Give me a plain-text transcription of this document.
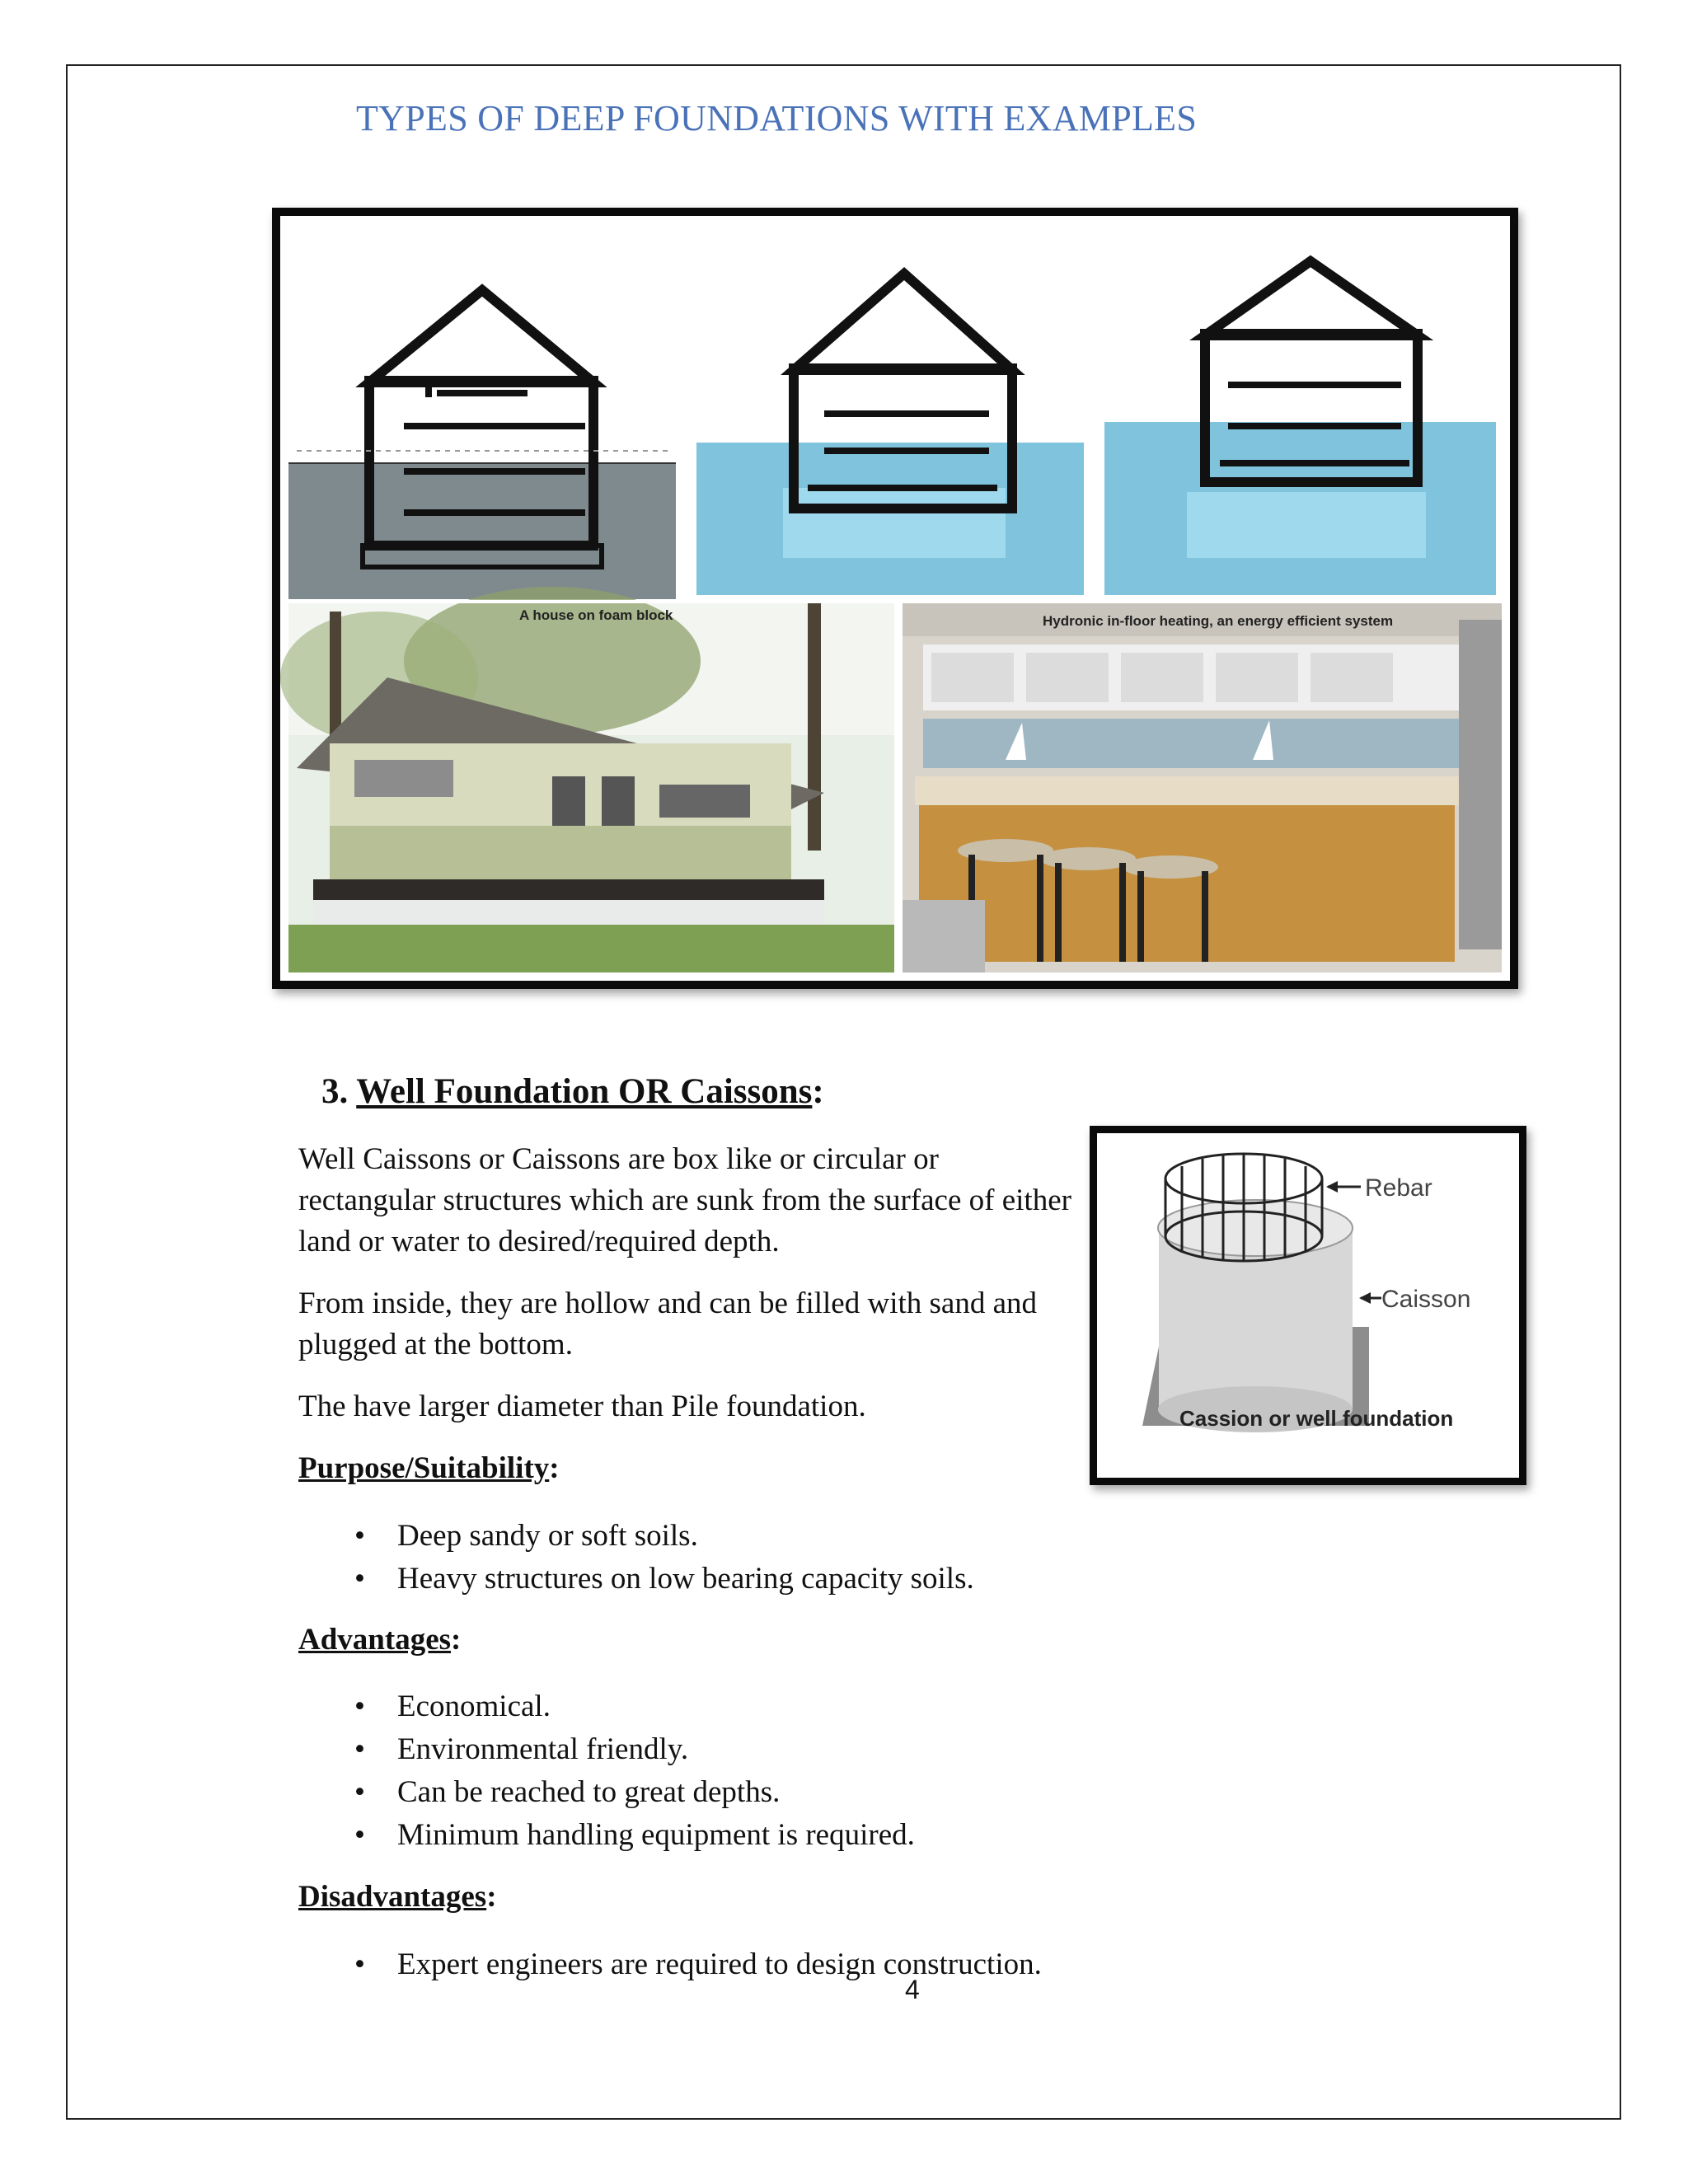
TYPES OF DEEP FOUNDATIONS WITH EXAMPLES
A house on foam block	Hydronic in-floor heating, an energy efficient system
3. Well Foundation OR Caissons:
Well Caissons or Caissons are box like or circular or rectangular structures which are sunk from the surface of either land or water to desired/required depth.
From inside, they are hollow and can be filled with sand and plugged at the bottom.
The have larger diameter than Pile foundation.
Rebar
Caisson
Cassion or well foundation
Purpose/Suitability:
• Deep sandy or soft soils.
• Heavy structures on low bearing capacity soils.
Advantages:
• Economical.
• Environmental friendly.
• Can be reached to great depths.
• Minimum handling equipment is required.
Disadvantages:
• Expert engineers are required to design construction.
4
